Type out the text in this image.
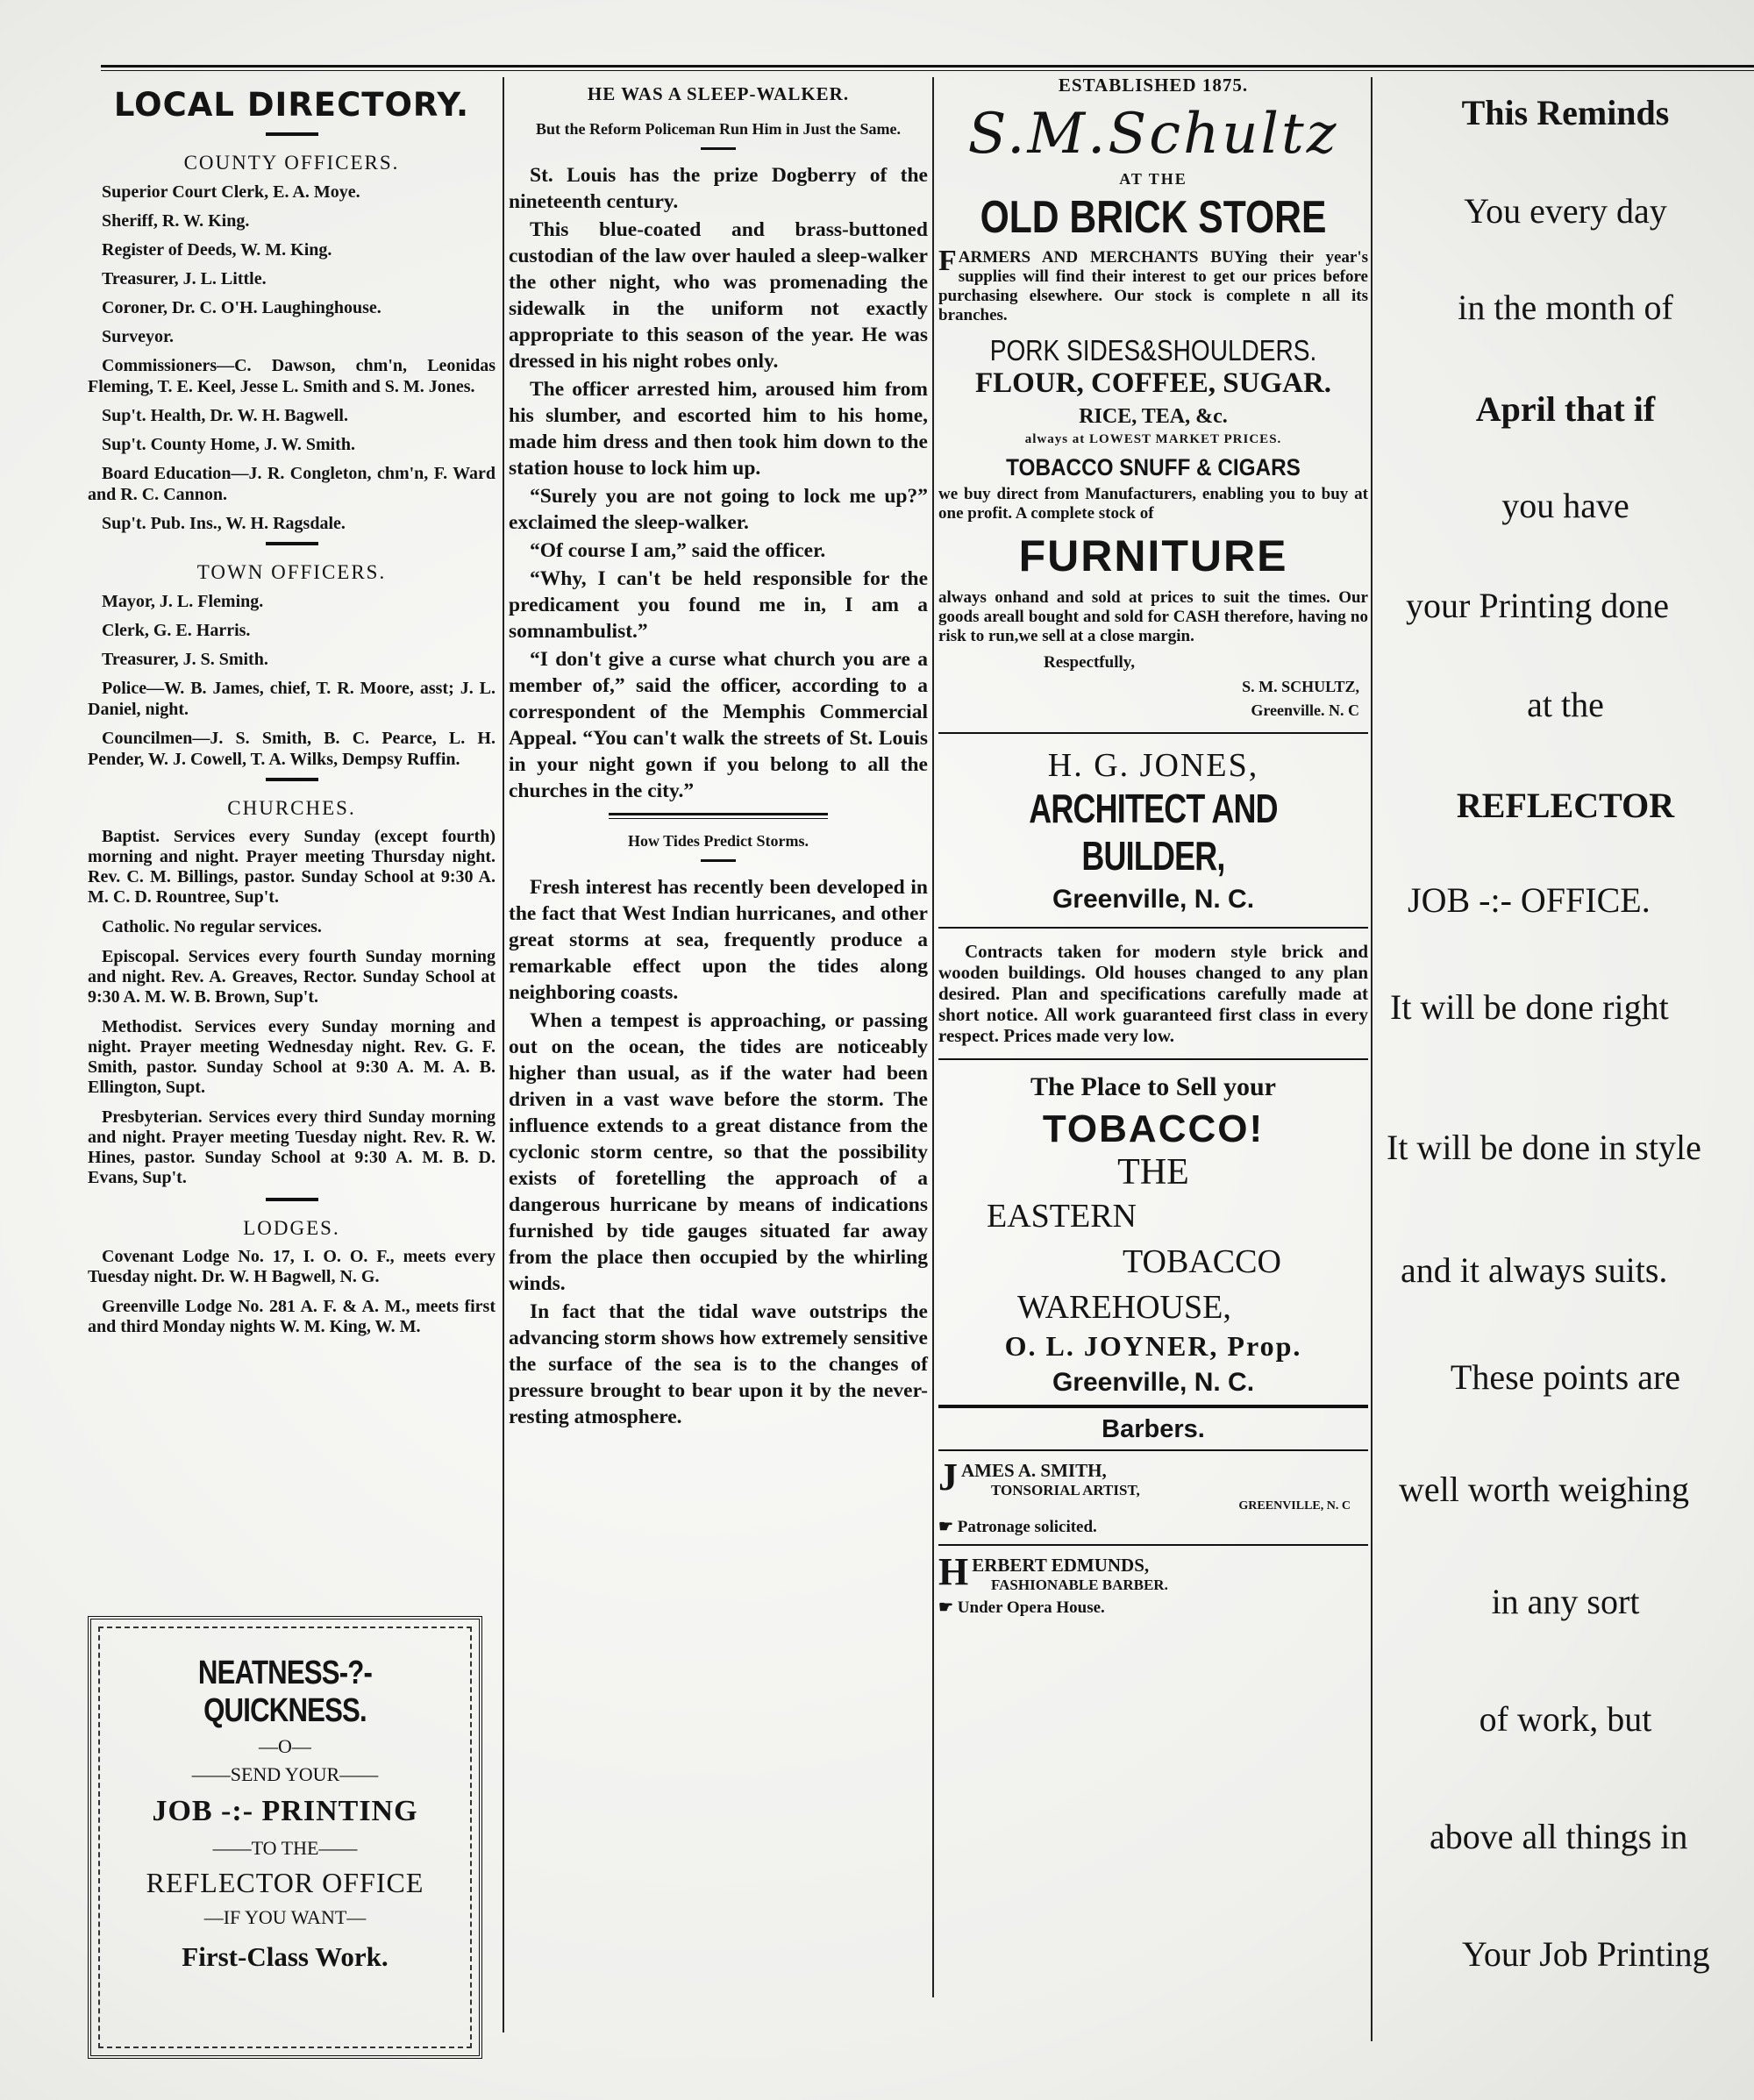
LOCAL DIRECTORY.
COUNTY OFFICERS.

Superior Court Clerk, E. A. Moye.

Sheriff, R. W. King.

Register of Deeds, W. M. King.

Treasurer, J. L. Little.

Coroner, Dr. C. O'H. Laughinghouse.

Surveyor.

Commissioners—C. Dawson, chm'n, Leonidas Fleming, T. E. Keel, Jesse L. Smith and S. M. Jones.

Sup't. Health, Dr. W. H. Bagwell.

Sup't. County Home, J. W. Smith.

Board Education—J. R. Congleton, chm'n, F. Ward and R. C. Cannon.

Sup't. Pub. Ins., W. H. Ragsdale.

TOWN OFFICERS.

Mayor, J. L. Fleming.

Clerk, G. E. Harris.

Treasurer, J. S. Smith.

Police—W. B. James, chief, T. R. Moore, asst; J. L. Daniel, night.

Councilmen—J. S. Smith, B. C. Pearce, L. H. Pender, W. J. Cowell, T. A. Wilks, Dempsy Ruffin.

CHURCHES.

Baptist. Services every Sunday (except fourth) morning and night. Prayer meeting Thursday night. Rev. C. M. Billings, pastor. Sunday School at 9:30 A. M. C. D. Rountree, Sup't.

Catholic. No regular services.

Episcopal. Services every fourth Sunday morning and night. Rev. A. Greaves, Rector. Sunday School at 9:30 A. M. W. B. Brown, Sup't.

Methodist. Services every Sunday morning and night. Prayer meeting Wednesday night. Rev. G. F. Smith, pastor. Sunday School at 9:30 A. M. A. B. Ellington, Supt.

Presbyterian. Services every third Sunday morning and night. Prayer meeting Tuesday night. Rev. R. W. Hines, pastor. Sunday School at 9:30 A. M. B. D. Evans, Sup't.

LODGES.

Covenant Lodge No. 17, I. O. O. F., meets every Tuesday night. Dr. W. H Bagwell, N. G.

Greenville Lodge No. 281 A. F. & A. M., meets first and third Monday nights W. M. King, W. M.

NEATNESS-?-QUICKNESS.
—O—
——SEND YOUR——
JOB -:- PRINTING
——TO THE——
REFLECTOR OFFICE
—IF YOU WANT—
First-Class Work.
HE WAS A SLEEP-WALKER.
But the Reform Policeman Run Him in Just the Same.

St. Louis has the prize Dogberry of the nineteenth century.

This blue-coated and brass-buttoned custodian of the law over hauled a sleep-walker the other night, who was promenading the sidewalk in the uniform not exactly appropriate to this season of the year. He was dressed in his night robes only.

The officer arrested him, aroused him from his slumber, and escorted him to his home, made him dress and then took him down to the station house to lock him up.

“Surely you are not going to lock me up?” exclaimed the sleep-walker.

“Of course I am,” said the officer.

“Why, I can't be held responsible for the predicament you found me in, I am a somnambulist.”

“I don't give a curse what church you are a member of,” said the officer, according to a correspondent of the Memphis Commercial Appeal. “You can't walk the streets of St. Louis in your night gown if you belong to all the churches in the city.”

How Tides Predict Storms.

Fresh interest has recently been developed in the fact that West Indian hurricanes, and other great storms at sea, frequently produce a remarkable effect upon the tides along neighboring coasts.

When a tempest is approaching, or passing out on the ocean, the tides are noticeably higher than usual, as if the water had been driven in a vast wave before the storm. The influence extends to a great distance from the cyclonic storm centre, so that the possibility exists of foretelling the approach of a dangerous hurricane by means of indications furnished by tide gauges situated far away from the place then occupied by the whirling winds.

In fact that the tidal wave outstrips the advancing storm shows how extremely sensitive the surface of the sea is to the changes of pressure brought to bear upon it by the never-resting atmosphere.

ESTABLISHED 1875.
S.M.Schultz
AT THE
OLD BRICK STORE

FARMERS AND MERCHANTS BUYing their year's supplies will find their interest to get our prices before purchasing elsewhere. Our stock is complete n all its branches.

PORK SIDES&SHOULDERS.
FLOUR, COFFEE, SUGAR.
RICE, TEA, &c.
always at LOWEST MARKET PRICES.
TOBACCO SNUFF & CIGARS

we buy direct from Manufacturers, enabling you to buy at one profit. A complete stock of

FURNITURE

always onhand and sold at prices to suit the times. Our goods areall bought and sold for CASH therefore, having no risk to run,we sell at a close margin.

Respectfully,
S. M. SCHULTZ,
Greenville. N. C
H. G. JONES,
ARCHITECT AND BUILDER,
Greenville, N. C.

Contracts taken for modern style brick and wooden buildings. Old houses changed to any plan desired. Plan and specifications carefully made at short notice. All work guaranteed first class in every respect. Prices made very low.

The Place to Sell your
TOBACCO!
THE
EASTERN
TOBACCO
WAREHOUSE,
O. L. JOYNER, Prop.
Greenville, N. C.
Barbers.
JAMES A. SMITH,
TONSORIAL ARTIST,
GREENVILLE, N. C
☛ Patronage solicited.
HERBERT EDMUNDS,
FASHIONABLE BARBER.
☛ Under Opera House.

This Reminds

You every day

in the month of

April that if

you have

your Printing done

at the

REFLECTOR

JOB -:- OFFICE.

It will be done right

It will be done in style

and it always suits.

These points are

well worth weighing

in any sort

of work, but

above all things in

Your Job Printing
